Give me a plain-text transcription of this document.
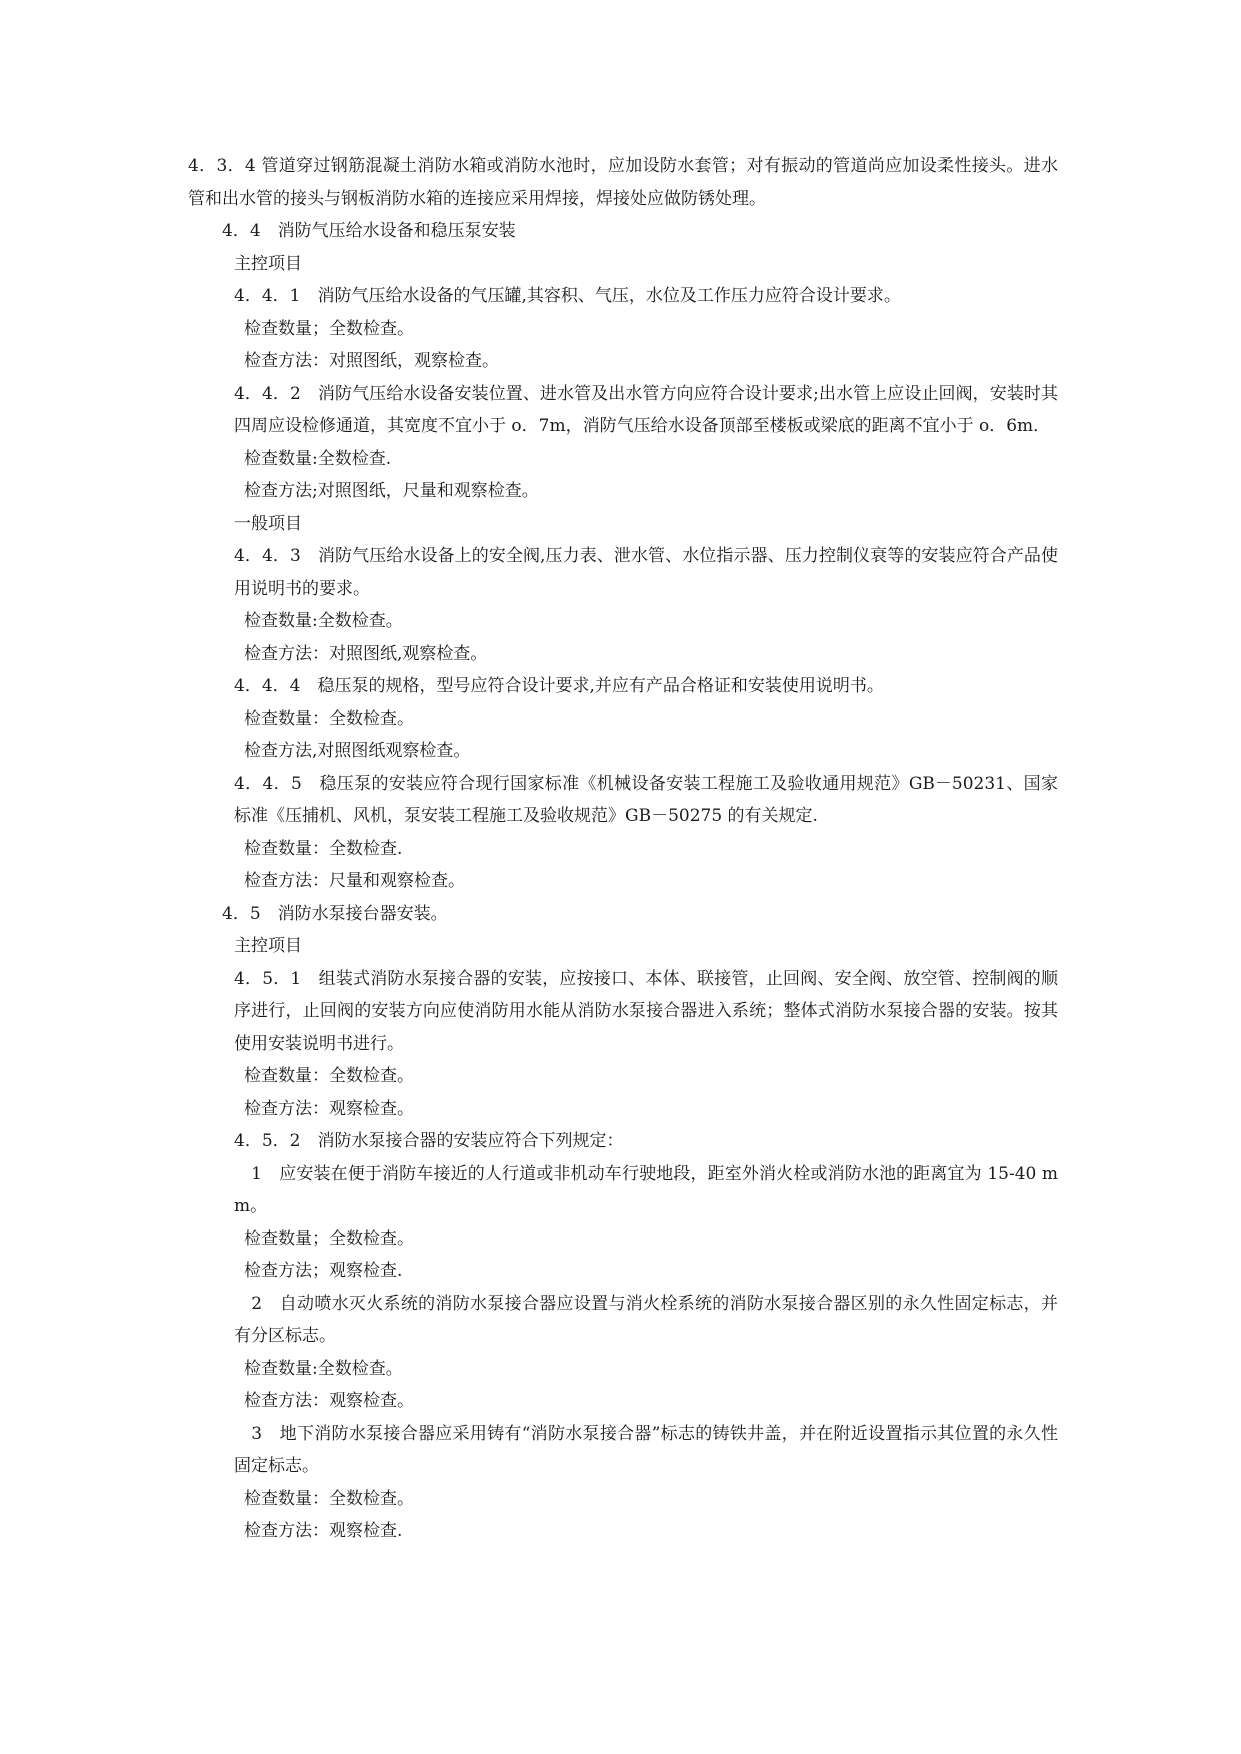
4．3．4 管道穿过钢筋混凝土消防水箱或消防水池时，应加设防水套管；对有振动的管道尚应加设柔性接头。进水管和出水管的接头与钢板消防水箱的连接应采用焊接，焊接处应做防锈处理。

4．4　消防气压给水设备和稳压泵安装

主控项目

4．4．1　消防气压给水设备的气压罐,其容积、气压，水位及工作压力应符合设计要求。

检查数量；全数检查。

检查方法：对照图纸，观察检查。

4．4．2　消防气压给水设备安装位置、进水管及出水管方向应符合设计要求;出水管上应设止回阀，安装时其四周应设检修通道，其宽度不宜小于 o．7m，消防气压给水设备顶部至楼板或梁底的距离不宜小于 o．6m．

检查数量:全数检查.

检查方法;对照图纸，尺量和观察检查。

一般项目

4．4．3　消防气压给水设备上的安全阀,压力表、泄水管、水位指示器、压力控制仪衰等的安装应符合产品使用说明书的要求。

检查数量:全数检查。

检查方法：对照图纸,观察检查。

4．4．4　稳压泵的规格，型号应符合设计要求,并应有产品合格证和安装使用说明书。

检查数量：全数检查。

检查方法,对照图纸观察检查。

4．4．5　稳压泵的安装应符合现行国家标准《机械设备安装工程施工及验收通用规范》GB－50231、国家标准《压捕机、风机，泵安装工程施工及验收规范》GB－50275 的有关规定.

检查数量：全数检查.

检查方法：尺量和观察检查。

4．5　消防水泵接台器安装。

主控项目

4．5．1　组装式消防水泵接合器的安装，应按接口、本体、联接管，止回阀、安全阀、放空管、控制阀的顺序进行，止回阀的安装方向应使消防用水能从消防水泵接合器进入系统；整体式消防水泵接合器的安装。按其使用安装说明书进行。

检查数量：全数检查。

检查方法：观察检查。

4．5．2　消防水泵接合器的安装应符合下列规定：

　1　应安装在便于消防车接近的人行道或非机动车行驶地段，距室外消火栓或消防水池的距离宜为 15-40 mm。

检查数量；全数检查。

检查方法；观察检查.

　2　自动喷水灭火系统的消防水泵接合器应设置与消火栓系统的消防水泵接合器区别的永久性固定标志，并有分区标志。

检查数量:全数检查。

检查方法：观察检查。

　3　地下消防水泵接合器应采用铸有“消防水泵接合器”标志的铸铁井盖，并在附近设置指示其位置的永久性固定标志。

检查数量：全数检查。

检查方法：观察检查.
